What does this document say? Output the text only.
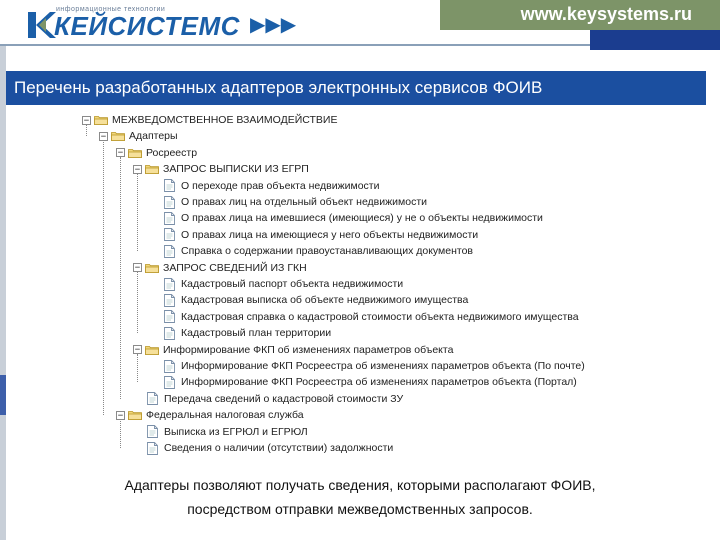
информационные технологии
КЕЙСИСТЕМС ▶▶▶	www.keysystems.ru
Перечень разработанных адаптеров электронных сервисов ФОИВ
− МЕЖВЕДОМСТВЕННОЕ ВЗАИМОДЕЙСТВИЕ
− Адаптеры
− Росреестр
− ЗАПРОС ВЫПИСКИ ИЗ ЕГРП
О переходе прав объекта недвижимости
О правах лиц на отдельный объект недвижимости
О правах лица на имевшиеся (имеющиеся) у не о объекты недвижимости
О правах лица на имеющиеся у него объекты недвижимости
Справка о содержании правоустанавливающих документов
− ЗАПРОС СВЕДЕНИЙ ИЗ ГКН
Кадастровый паспорт объекта недвижимости
Кадастровая выписка об объекте недвижимого имущества
Кадастровая справка о кадастровой стоимости объекта недвижимого имущества
Кадастровый план территории
− Информирование ФКП об изменениях параметров объекта
Информирование ФКП Росреестра об изменениях параметров объекта (По почте)
Информирование ФКП Росреестра об изменениях параметров объекта (Портал)
Передача сведений о кадастровой стоимости ЗУ
− Федеральная налоговая служба
Выписка из ЕГРЮЛ и ЕГРЮЛ
Сведения о наличии (отсутствии) задолжности
Адаптеры позволяют получать сведения, которыми располагают ФОИВ,
посредством отправки межведомственных запросов.
